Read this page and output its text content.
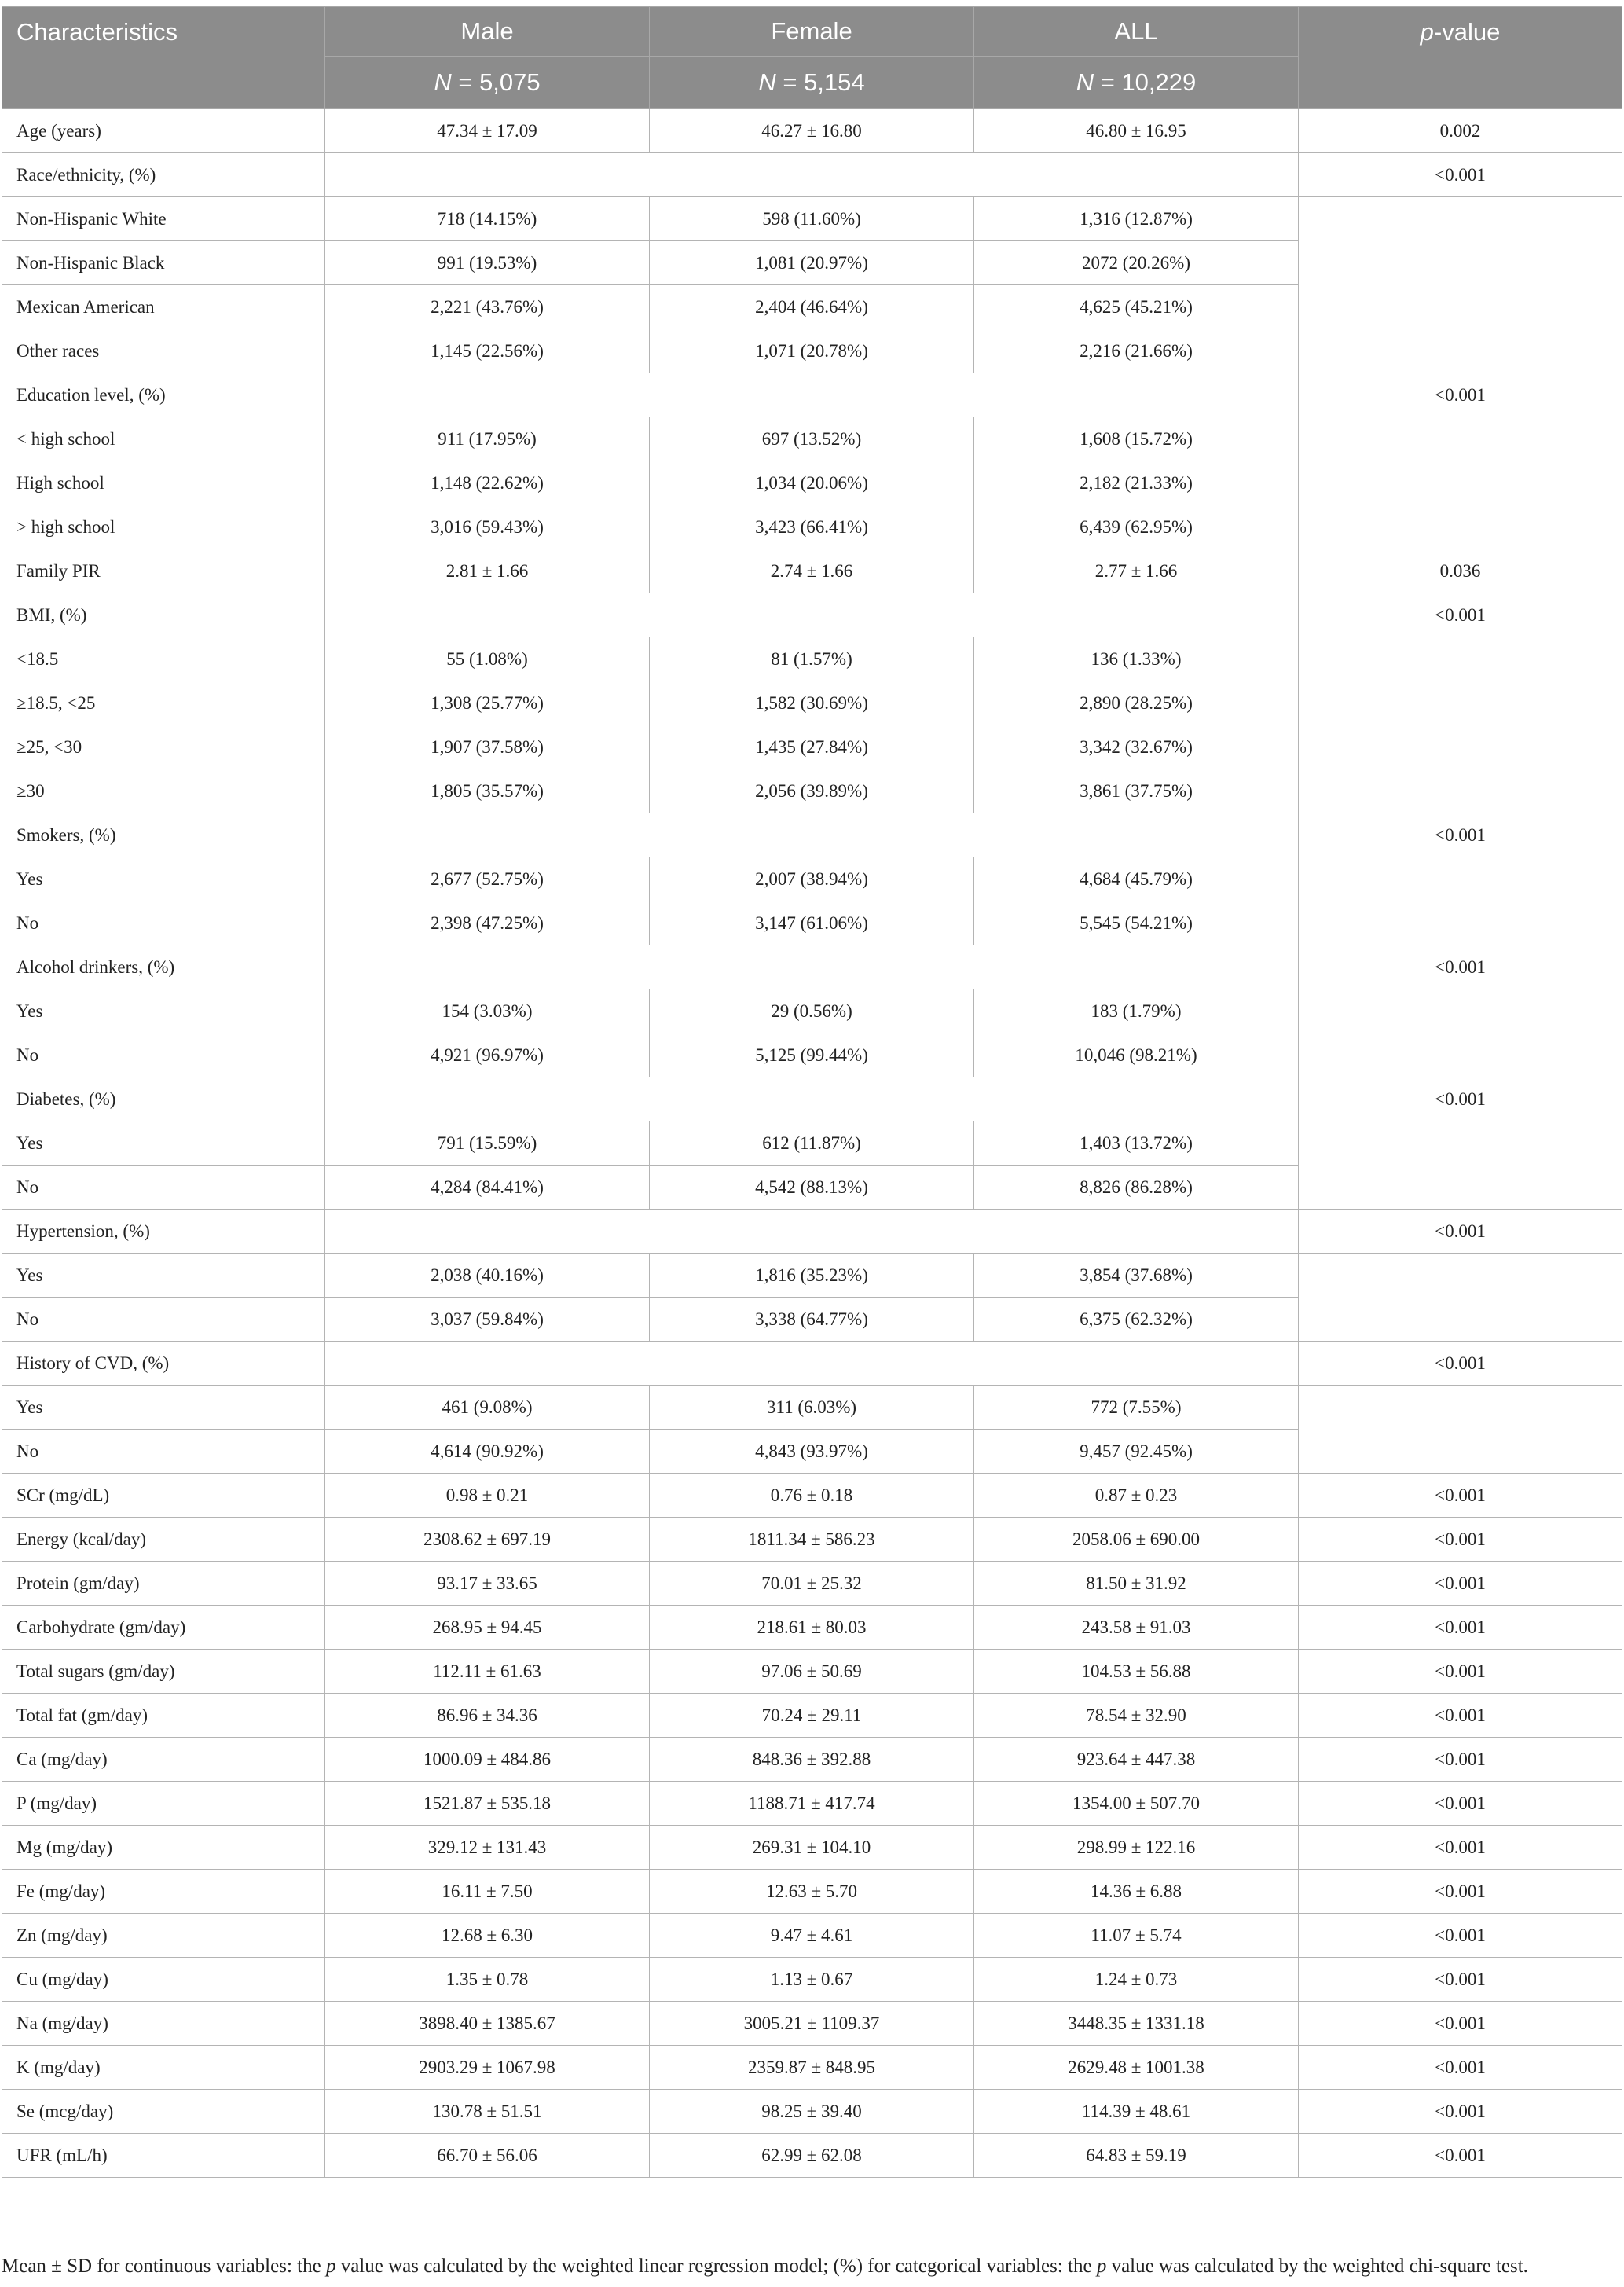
Characteristics	Male	Female	ALL	p-value
	N = 5,075	N = 5,154	N = 10,229	
Age (years)	47.34 ± 17.09	46.27 ± 16.80	46.80 ± 16.95	0.002
Race/ethnicity, (%)				<0.001
Non-Hispanic White	718 (14.15%)	598 (11.60%)	1,316 (12.87%)	
Non-Hispanic Black	991 (19.53%)	1,081 (20.97%)	2072 (20.26%)	
Mexican American	2,221 (43.76%)	2,404 (46.64%)	4,625 (45.21%)	
Other races	1,145 (22.56%)	1,071 (20.78%)	2,216 (21.66%)	
Education level, (%)				<0.001
< high school	911 (17.95%)	697 (13.52%)	1,608 (15.72%)	
High school	1,148 (22.62%)	1,034 (20.06%)	2,182 (21.33%)	
> high school	3,016 (59.43%)	3,423 (66.41%)	6,439 (62.95%)	
Family PIR	2.81 ± 1.66	2.74 ± 1.66	2.77 ± 1.66	0.036
BMI, (%)				<0.001
<18.5	55 (1.08%)	81 (1.57%)	136 (1.33%)	
≥18.5, <25	1,308 (25.77%)	1,582 (30.69%)	2,890 (28.25%)	
≥25, <30	1,907 (37.58%)	1,435 (27.84%)	3,342 (32.67%)	
≥30	1,805 (35.57%)	2,056 (39.89%)	3,861 (37.75%)	
Smokers, (%)				<0.001
Yes	2,677 (52.75%)	2,007 (38.94%)	4,684 (45.79%)	
No	2,398 (47.25%)	3,147 (61.06%)	5,545 (54.21%)	
Alcohol drinkers, (%)				<0.001
Yes	154 (3.03%)	29 (0.56%)	183 (1.79%)	
No	4,921 (96.97%)	5,125 (99.44%)	10,046 (98.21%)	
Diabetes, (%)				<0.001
Yes	791 (15.59%)	612 (11.87%)	1,403 (13.72%)	
No	4,284 (84.41%)	4,542 (88.13%)	8,826 (86.28%)	
Hypertension, (%)				<0.001
Yes	2,038 (40.16%)	1,816 (35.23%)	3,854 (37.68%)	
No	3,037 (59.84%)	3,338 (64.77%)	6,375 (62.32%)	
History of CVD, (%)				<0.001
Yes	461 (9.08%)	311 (6.03%)	772 (7.55%)	
No	4,614 (90.92%)	4,843 (93.97%)	9,457 (92.45%)	
SCr (mg/dL)	0.98 ± 0.21	0.76 ± 0.18	0.87 ± 0.23	<0.001
Energy (kcal/day)	2308.62 ± 697.19	1811.34 ± 586.23	2058.06 ± 690.00	<0.001
Protein (gm/day)	93.17 ± 33.65	70.01 ± 25.32	81.50 ± 31.92	<0.001
Carbohydrate (gm/day)	268.95 ± 94.45	218.61 ± 80.03	243.58 ± 91.03	<0.001
Total sugars (gm/day)	112.11 ± 61.63	97.06 ± 50.69	104.53 ± 56.88	<0.001
Total fat (gm/day)	86.96 ± 34.36	70.24 ± 29.11	78.54 ± 32.90	<0.001
Ca (mg/day)	1000.09 ± 484.86	848.36 ± 392.88	923.64 ± 447.38	<0.001
P (mg/day)	1521.87 ± 535.18	1188.71 ± 417.74	1354.00 ± 507.70	<0.001
Mg (mg/day)	329.12 ± 131.43	269.31 ± 104.10	298.99 ± 122.16	<0.001
Fe (mg/day)	16.11 ± 7.50	12.63 ± 5.70	14.36 ± 6.88	<0.001
Zn (mg/day)	12.68 ± 6.30	9.47 ± 4.61	11.07 ± 5.74	<0.001
Cu (mg/day)	1.35 ± 0.78	1.13 ± 0.67	1.24 ± 0.73	<0.001
Na (mg/day)	3898.40 ± 1385.67	3005.21 ± 1109.37	3448.35 ± 1331.18	<0.001
K (mg/day)	2903.29 ± 1067.98	2359.87 ± 848.95	2629.48 ± 1001.38	<0.001
Se (mcg/day)	130.78 ± 51.51	98.25 ± 39.40	114.39 ± 48.61	<0.001
UFR (mL/h)	66.70 ± 56.06	62.99 ± 62.08	64.83 ± 59.19	<0.001
Mean ± SD for continuous variables: the p value was calculated by the weighted linear regression model; (%) for categorical variables: the p value was calculated by the weighted chi-square test.
